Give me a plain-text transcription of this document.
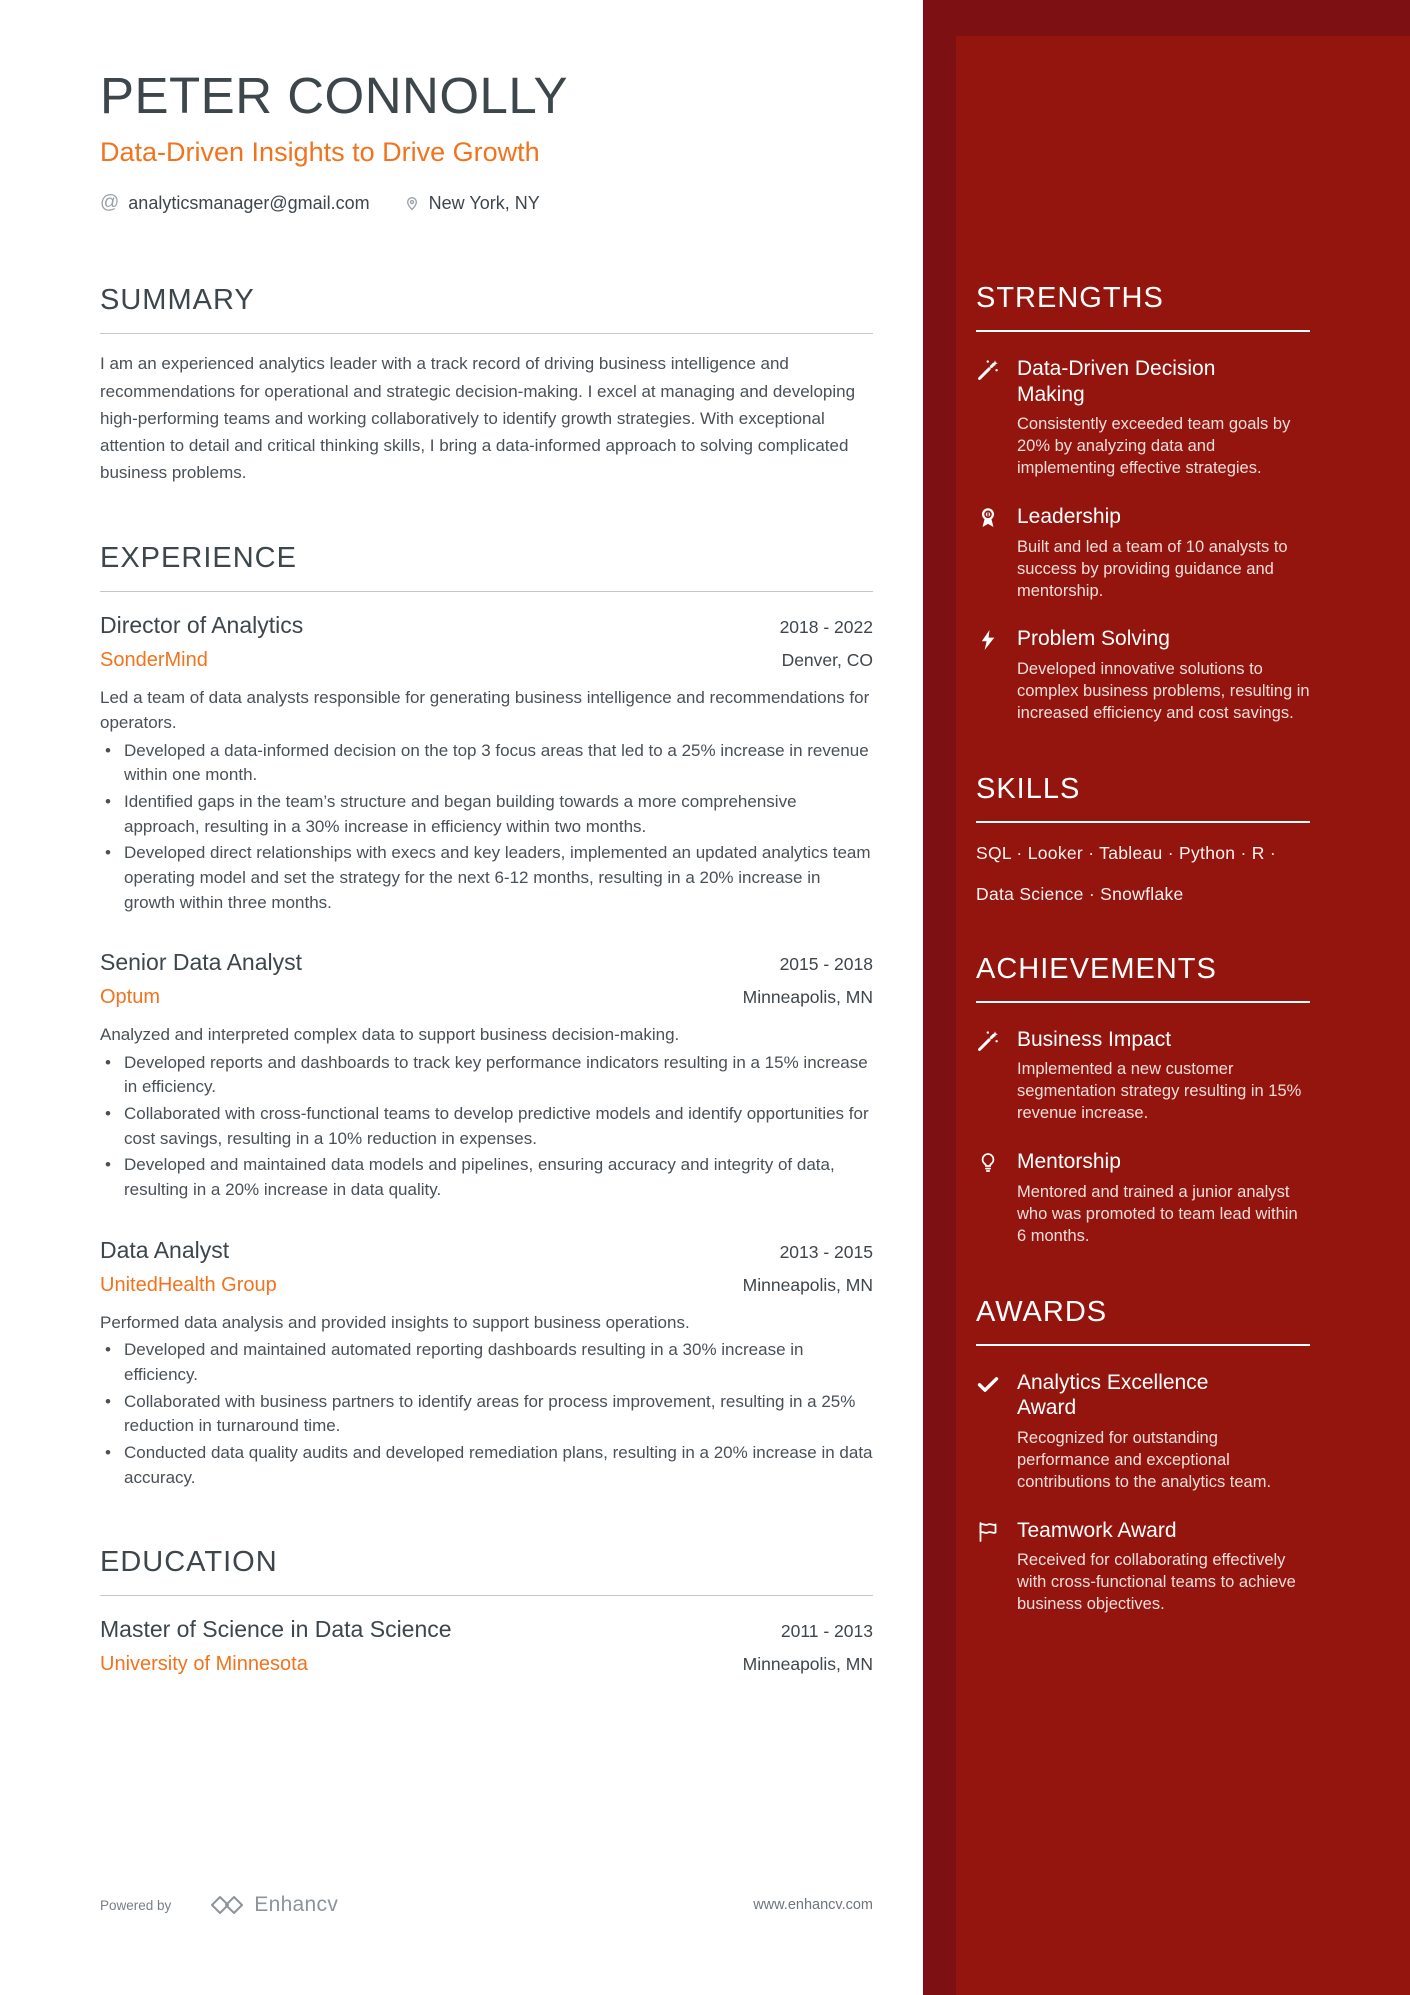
PETER CONNOLLY
Data-Driven Insights to Drive Growth
@ analyticsmanager@gmail.com	New York, NY
SUMMARY
I am an experienced analytics leader with a track record of driving business intelligence and recommendations for operational and strategic decision-making. I excel at managing and developing high-performing teams and working collaboratively to identify growth strategies. With exceptional attention to detail and critical thinking skills, I bring a data-informed approach to solving complicated business problems.
EXPERIENCE
Director of Analytics	2018 - 2022
SonderMind	Denver, CO
Led a team of data analysts responsible for generating business intelligence and recommendations for operators.
• Developed a data-informed decision on the top 3 focus areas that led to a 25% increase in revenue within one month.
• Identified gaps in the team’s structure and began building towards a more comprehensive approach, resulting in a 30% increase in efficiency within two months.
• Developed direct relationships with execs and key leaders, implemented an updated analytics team operating model and set the strategy for the next 6-12 months, resulting in a 20% increase in growth within three months.
Senior Data Analyst	2015 - 2018
Optum	Minneapolis, MN
Analyzed and interpreted complex data to support business decision-making.
• Developed reports and dashboards to track key performance indicators resulting in a 15% increase in efficiency.
• Collaborated with cross-functional teams to develop predictive models and identify opportunities for cost savings, resulting in a 10% reduction in expenses.
• Developed and maintained data models and pipelines, ensuring accuracy and integrity of data, resulting in a 20% increase in data quality.
Data Analyst	2013 - 2015
UnitedHealth Group	Minneapolis, MN
Performed data analysis and provided insights to support business operations.
• Developed and maintained automated reporting dashboards resulting in a 30% increase in efficiency.
• Collaborated with business partners to identify areas for process improvement, resulting in a 25% reduction in turnaround time.
• Conducted data quality audits and developed remediation plans, resulting in a 20% increase in data accuracy.
EDUCATION
Master of Science in Data Science	2011 - 2013
University of Minnesota	Minneapolis, MN
STRENGTHS
Data-Driven Decision Making
Consistently exceeded team goals by 20% by analyzing data and implementing effective strategies.
Leadership
Built and led a team of 10 analysts to success by providing guidance and mentorship.
Problem Solving
Developed innovative solutions to complex business problems, resulting in increased efficiency and cost savings.
SKILLS
SQL · Looker · Tableau · Python · R ·
Data Science · Snowflake
ACHIEVEMENTS
Business Impact
Implemented a new customer segmentation strategy resulting in 15% revenue increase.
Mentorship
Mentored and trained a junior analyst who was promoted to team lead within 6 months.
AWARDS
Analytics Excellence Award
Recognized for outstanding performance and exceptional contributions to the analytics team.
Teamwork Award
Received for collaborating effectively with cross-functional teams to achieve business objectives.
Powered by	Enhancv	www.enhancv.com
